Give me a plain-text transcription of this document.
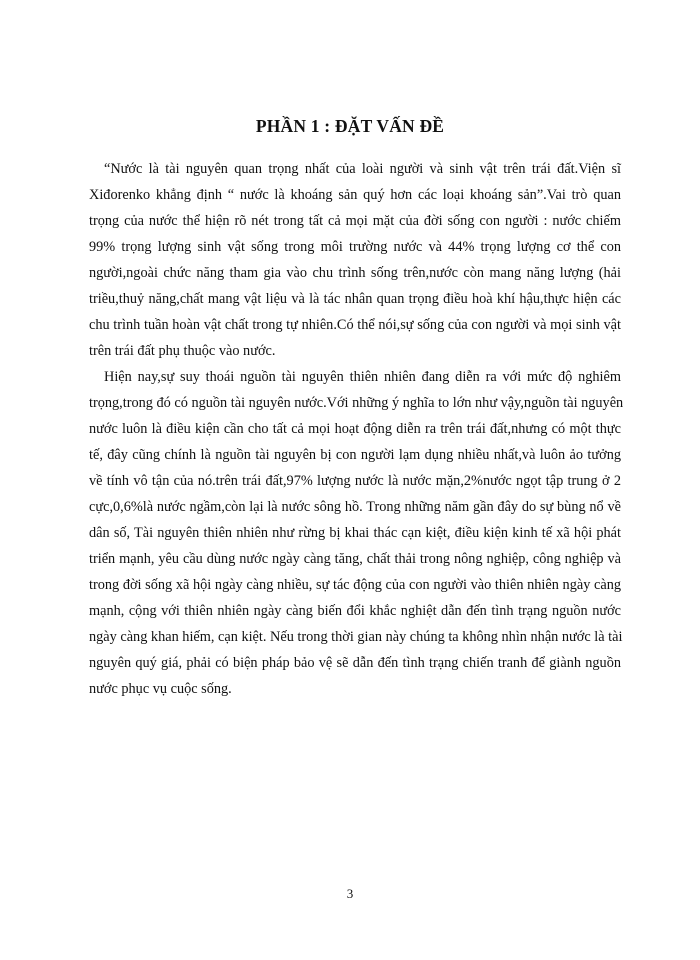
PHẦN 1 : ĐẶT VẤN ĐỀ

“Nước là tài nguyên quan trọng nhất của loài người và sinh vật trên trái đất.Viện sĩ
Xiđorenko khẳng định “ nước là khoáng sản quý hơn các loại khoáng sản”.Vai trò quan
trọng của nước thể hiện rõ nét trong tất cả mọi mặt của đời sống con người : nước chiếm
99% trọng lượng sinh vật sống trong môi trường nước và 44% trọng lượng cơ thể con
người,ngoài chức năng tham gia vào chu trình sống trên,nước còn mang năng lượng (hải
triều,thuỷ năng,chất mang vật liệu và là tác nhân quan trọng điều hoà khí hậu,thực hiện các
chu trình tuần hoàn vật chất trong tự nhiên.Có thể nói,sự sống của con người và mọi sinh vật
trên trái đất phụ thuộc vào nước.

Hiện nay,sự suy thoái nguồn tài nguyên thiên nhiên đang diễn ra với mức độ nghiêm
trọng,trong đó có nguồn tài nguyên nước.Với những ý nghĩa to lớn như vậy,nguồn tài nguyên
nước luôn là điều kiện cần cho tất cả mọi hoạt động diễn ra trên trái đất,nhưng có một thực
tế, đây cũng chính là nguồn tài nguyên bị con người lạm dụng nhiều nhất,và luôn ảo tưởng
về tính vô tận của nó.trên trái đất,97% lượng nước là nước mặn,2%nước ngọt tập trung ở 2
cực,0,6%là nước ngầm,còn lại là nước sông hồ. Trong những năm gần đây do sự bùng nổ về
dân số, Tài nguyên thiên nhiên như rừng bị khai thác cạn kiệt, điều kiện kinh tế xã hội phát
triển mạnh, yêu cầu dùng nước ngày càng tăng, chất thải trong nông nghiệp, công nghiệp và
trong đời sống xã hội ngày càng nhiều, sự tác động của con người vào thiên nhiên ngày càng
mạnh, cộng với thiên nhiên ngày càng biến đổi khắc nghiệt dẫn đến tình trạng nguồn nước
ngày càng khan hiếm, cạn kiệt. Nếu trong thời gian này chúng ta không nhìn nhận nước là tài
nguyên quý giá, phải có biện pháp bảo vệ sẽ dẫn đến tình trạng chiến tranh để giành nguồn
nước phục vụ cuộc sống.

3
